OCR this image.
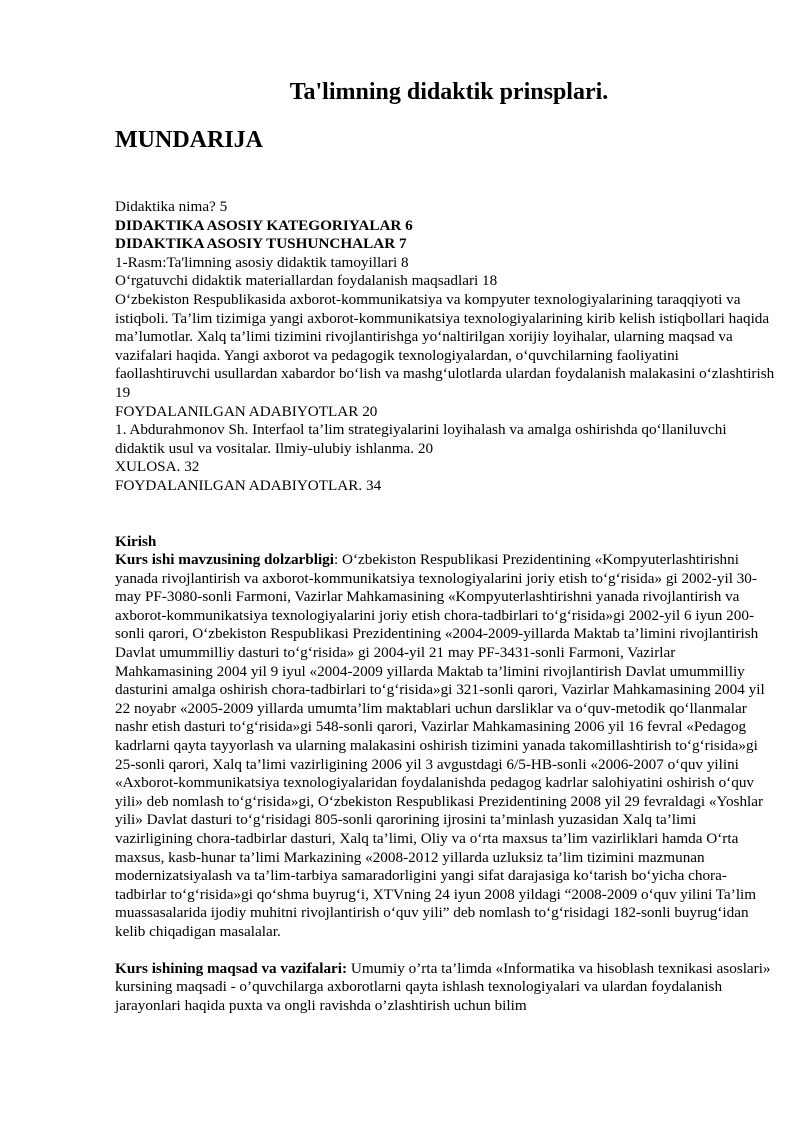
Ta'limning didaktik prinsplari.
MUNDARIJA
Didaktika nima? 5
DIDAKTIKA ASOSIY KATEGORIYALAR 6
DIDAKTIKA ASOSIY TUSHUNCHALAR 7
1-Rasm:Ta'limning asosiy didaktik tamoyillari 8
O‘rgatuvchi didaktik materiallardan foydalanish maqsadlari 18
O‘zbekiston Respublikasida axborot-kommunikatsiya va kompyuter texnologiyalarining taraqqiyoti va istiqboli. Ta’lim tizimiga yangi axborot-kommunikatsiya texnologiyalarining kirib kelish istiqbollari haqida ma’lumotlar. Xalq ta’limi tizimini rivojlantirishga yo‘naltirilgan xorijiy loyihalar, ularning maqsad va vazifalari haqida. Yangi axborot va pedagogik texnologiyalardan, o‘quvchilarning faoliyatini faollashtiruvchi usullardan xabardor bo‘lish va mashg‘ulotlarda ulardan foydalanish malakasini o‘zlashtirish 19
FOYDALANILGAN ADABIYOTLAR 20
1. Abdurahmonov Sh. Interfaol ta’lim strategiyalarini loyihalash va amalga oshirishda qo‘llaniluvchi didaktik usul va vositalar. Ilmiy-ulubiy ishlanma. 20
XULOSA. 32
FOYDALANILGAN ADABIYOTLAR. 34
Kirish
Kurs ishi mavzusining dolzarbligi: O‘zbekiston Respublikasi Prezidentining «Kompyuterlashtirishni yanada rivojlantirish va axborot-kommunikatsiya texnologiyalarini joriy etish to‘g‘risida» gi 2002-yil 30-may PF-3080-sonli Farmoni, Vazirlar Mahkamasining «Kompyuterlashtirishni yanada rivojlantirish va axborot-kommunikatsiya texnologiyalarini joriy etish chora-tadbirlari to‘g‘risida»gi 2002-yil 6 iyun 200-sonli qarori, O‘zbekiston Respublikasi Prezidentining «2004-2009-yillarda Maktab ta’limini rivojlantirish Davlat umummilliy dasturi to‘g‘risida» gi 2004-yil 21 may PF-3431-sonli Farmoni, Vazirlar Mahkamasining 2004 yil 9 iyul «2004-2009 yillarda Maktab ta’limini rivojlantirish Davlat umummilliy dasturini amalga oshirish chora-tadbirlari to‘g‘risida»gi 321-sonli qarori, Vazirlar Mahkamasining 2004 yil 22 noyabr «2005-2009 yillarda umumta’lim maktablari uchun darsliklar va o‘quv-metodik qo‘llanmalar nashr etish dasturi to‘g‘risida»gi 548-sonli qarori, Vazirlar Mahkamasining 2006 yil 16 fevral «Pedagog kadrlarni qayta tayyorlash va ularning malakasini oshirish tizimini yanada takomillashtirish to‘g‘risida»gi 25-sonli qarori, Xalq ta’limi vazirligining 2006 yil 3 avgustdagi 6/5-HB-sonli «2006-2007 o‘quv yilini «Axborot-kommunikatsiya texnologiyalaridan foydalanishda pedagog kadrlar salohiyatini oshirish o‘quv yili» deb nomlash to‘g‘risida»gi, O‘zbekiston Respublikasi Prezidentining 2008 yil 29 fevraldagi «Yoshlar yili» Davlat dasturi to‘g‘risidagi 805-sonli qarorining ijrosini ta’minlash yuzasidan Xalq ta’limi vazirligining chora-tadbirlar dasturi, Xalq ta’limi, Oliy va o‘rta maxsus ta’lim vazirliklari hamda O‘rta maxsus, kasb-hunar ta’limi Markazining «2008-2012 yillarda uzluksiz ta’lim tizimini mazmunan modernizatsiyalash va ta’lim-tarbiya samaradorligini yangi sifat darajasiga ko‘tarish bo‘yicha chora-tadbirlar to‘g‘risida»gi qo‘shma buyrug‘i, XTVning 24 iyun 2008 yildagi “2008-2009 o‘quv yilini Ta’lim muassasalarida ijodiy muhitni rivojlantirish o‘quv yili” deb nomlash to‘g‘risidagi 182-sonli buyrug‘idan kelib chiqadigan masalalar.
Kurs ishining maqsad va vazifalari: Umumiy o’rta ta’limda «Informatika va hisoblash texnikasi asoslari» kursining maqsadi - o’quvchilarga axborotlarni qayta ishlash texnologiyalari va ulardan foydalanish jarayonlari haqida puxta va ongli ravishda o’zlashtirish uchun bilim
